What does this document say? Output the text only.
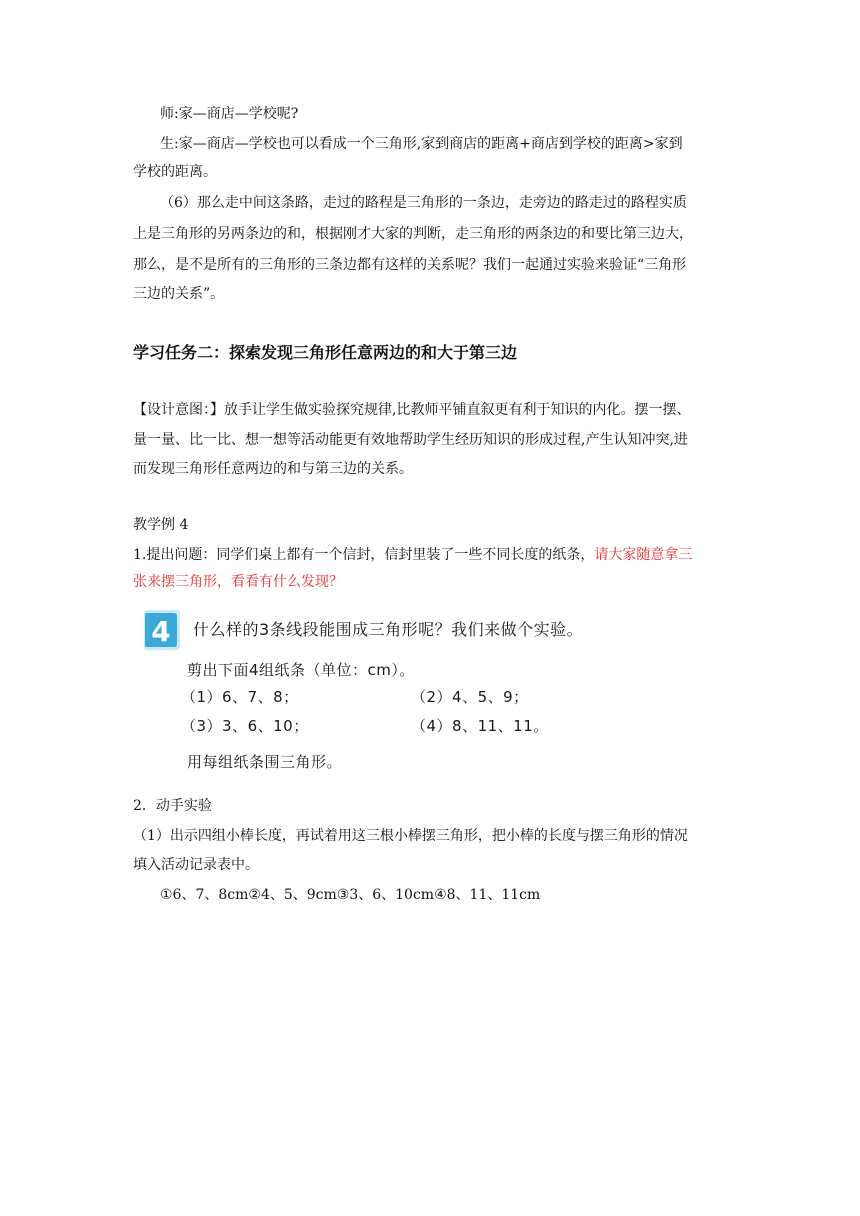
师:家—商店—学校呢?
生:家—商店—学校也可以看成一个三角形,家到商店的距离+商店到学校的距离>家到
学校的距离。
（6）那么走中间这条路，走过的路程是三角形的一条边，走旁边的路走过的路程实质
上是三角形的另两条边的和，根据刚才大家的判断，走三角形的两条边的和要比第三边大，
那么，是不是所有的三角形的三条边都有这样的关系呢？我们一起通过实验来验证“三角形
三边的关系”。
学习任务二：探索发现三角形任意两边的和大于第三边
【设计意图：】放手让学生做实验探究规律,比教师平铺直叙更有利于知识的内化。摆一摆、
量一量、比一比、想一想等活动能更有效地帮助学生经历知识的形成过程,产生认知冲突,进
而发现三角形任意两边的和与第三边的关系。
教学例 4
1.提出问题：同学们桌上都有一个信封，信封里装了一些不同长度的纸条，请大家随意拿三
张来摆三角形，看看有什么发现？
4 什么样的3条线段能围成三角形呢？我们来做个实验。
剪出下面4组纸条（单位：cm）。
（1）6、7、8；	（2）4、5、9；
（3）3、6、10；	（4）8、11、11。
用每组纸条围三角形。
2．动手实验
（1）出示四组小棒长度，再试着用这三根小棒摆三角形，把小棒的长度与摆三角形的情况
填入活动记录表中。
①6、7、8cm②4、5、9cm③3、6、10cm④8、11、11cm
